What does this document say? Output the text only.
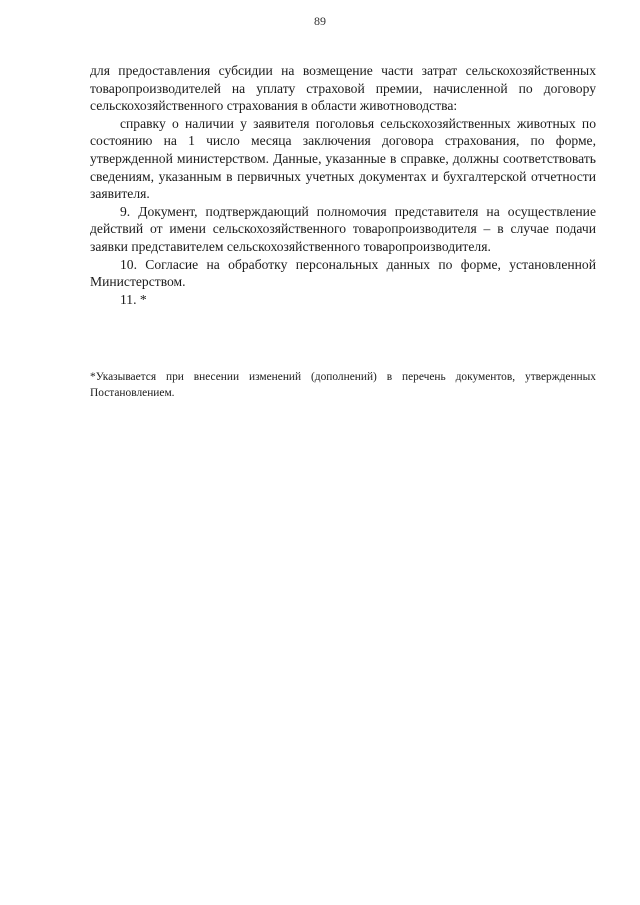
89

для предоставления субсидии на возмещение части затрат сельскохозяйственных товаропроизводителей на уплату страховой премии, начисленной по договору сельскохозяйственного страхования в области животноводства:

справку о наличии у заявителя поголовья сельскохозяйственных животных по состоянию на 1 число месяца заключения договора страхования, по форме, утвержденной министерством. Данные, указанные в справке, должны соответствовать сведениям, указанным в первичных учетных документах и бухгалтерской отчетности заявителя.

9. Документ, подтверждающий полномочия представителя на осуществление действий от имени сельскохозяйственного товаропроизводителя – в случае подачи заявки представителем сельскохозяйственного товаропроизводителя.

10. Согласие на обработку персональных данных по форме, установленной Министерством.

11. *

*Указывается при внесении изменений (дополнений) в перечень документов, утвержденных Постановлением.
